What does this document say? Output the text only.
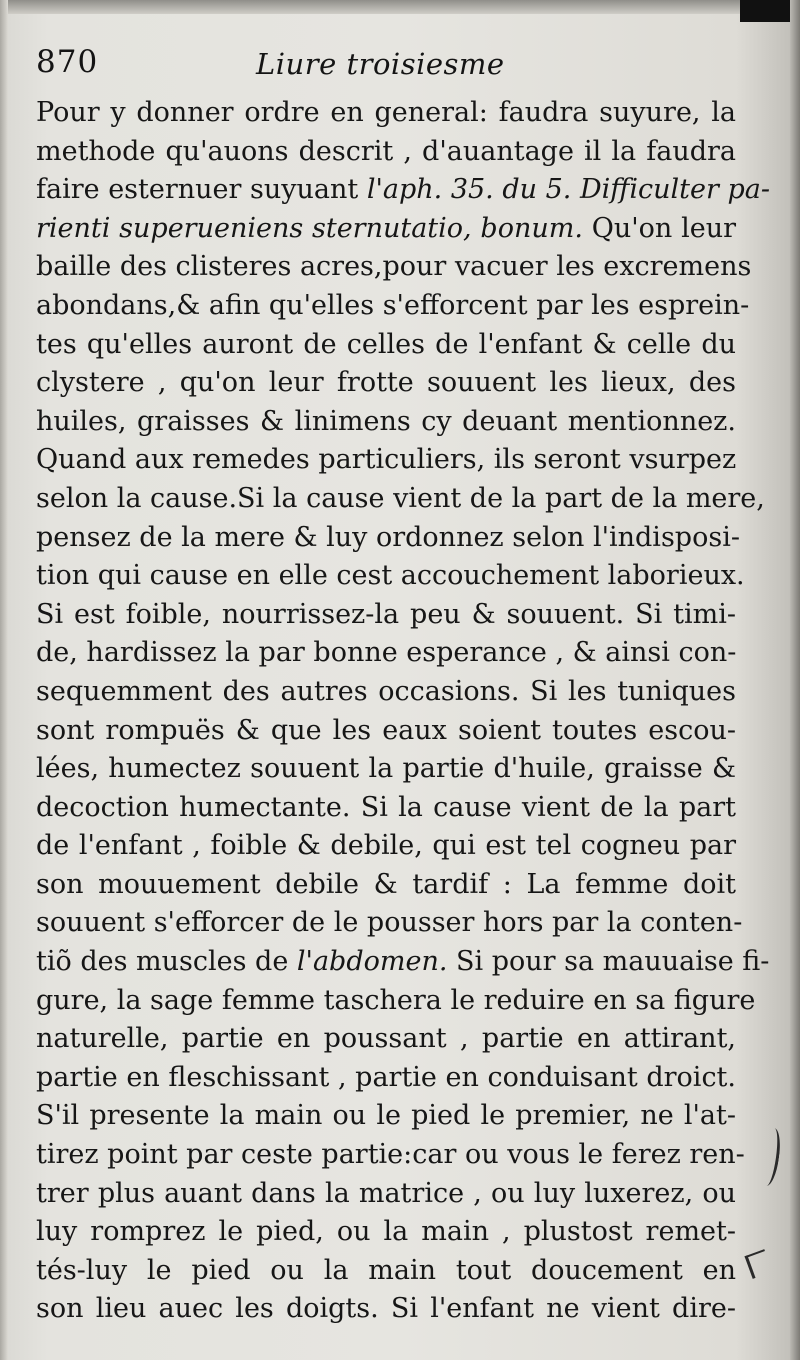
870	Liure troisiesme
Pour y donner ordre en general: faudra suyure, la
methode qu'auons descrit , d'auantage il la faudra
faire esternuer suyuant l'aph. 35. du 5. Difficulter pa-
rienti superueniens sternutatio, bonum. Qu'on leur
baille des clisteres acres,pour vacuer les excremens
abondans,& afin qu'elles s'efforcent par les esprein-
tes qu'elles auront de celles de l'enfant & celle du
clystere , qu'on leur frotte souuent les lieux, des
huiles, graisses & linimens cy deuant mentionnez.
Quand aux remedes particuliers, ils seront vsurpez
selon la cause.Si la cause vient de la part de la mere,
pensez de la mere & luy ordonnez selon l'indisposi-
tion qui cause en elle cest accouchement laborieux.
Si est foible, nourrissez-la peu & souuent. Si timi-
de, hardissez la par bonne esperance , & ainsi con-
sequemment des autres occasions. Si les tuniques
sont rompuës & que les eaux soient toutes escou-
lées, humectez souuent la partie d'huile, graisse &
decoction humectante. Si la cause vient de la part
de l'enfant , foible & debile, qui est tel cogneu par
son mouuement debile & tardif : La femme doit
souuent s'efforcer de le pousser hors par la conten-
tiõ des muscles de l'abdomen. Si pour sa mauuaise fi-
gure, la sage femme taschera le reduire en sa figure
naturelle, partie en poussant , partie en attirant,
partie en fleschissant , partie en conduisant droict.
S'il presente la main ou le pied le premier, ne l'at-
tirez point par ceste partie:car ou vous le ferez ren-
trer plus auant dans la matrice , ou luy luxerez, ou
luy romprez le pied, ou la main , plustost remet-
tés-luy le pied ou la main tout doucement en
son lieu auec les doigts. Si l'enfant ne vient dire-
